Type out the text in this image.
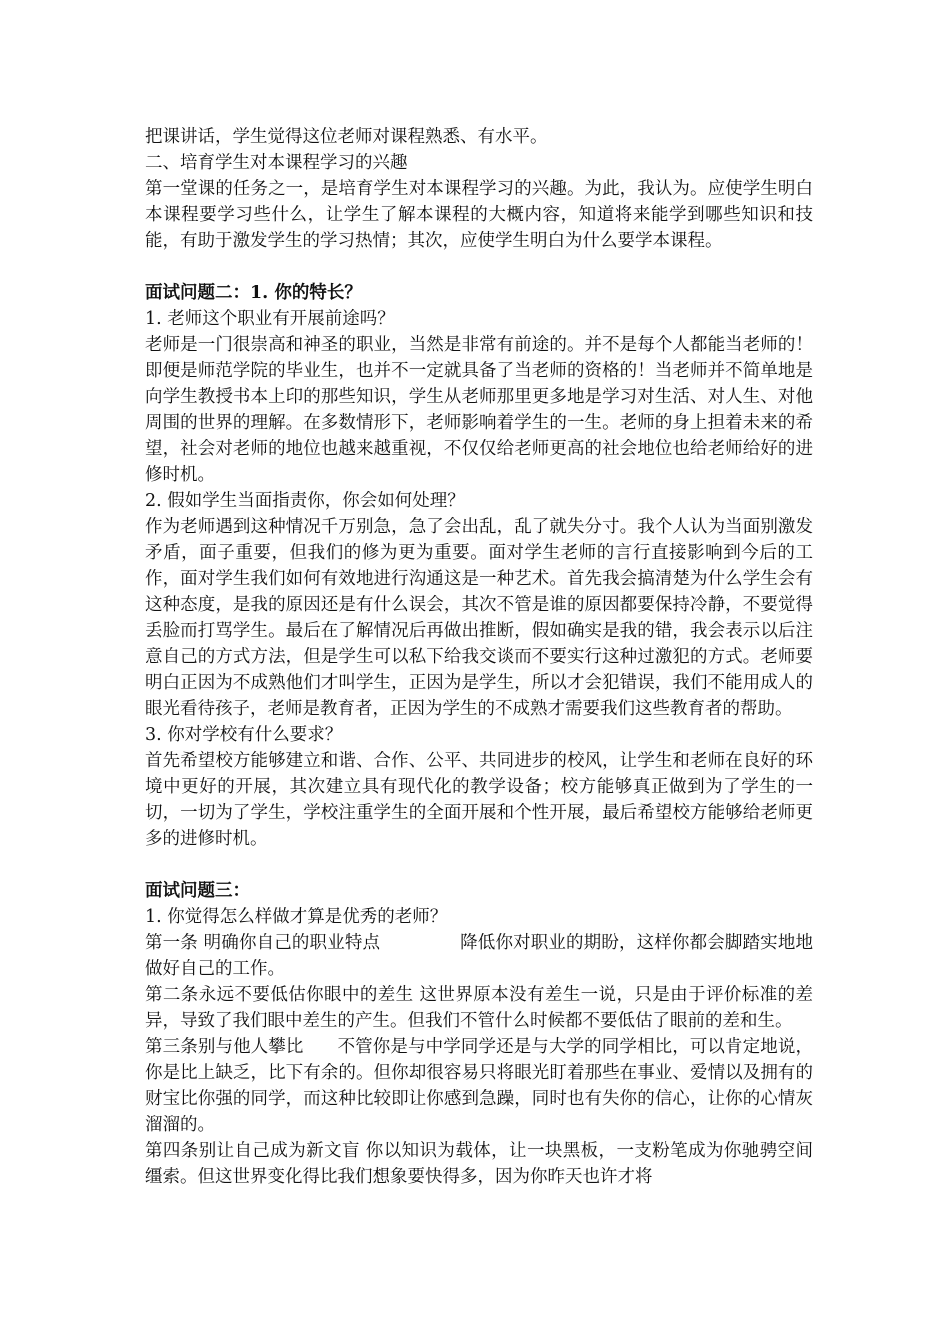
把课讲话，学生觉得这位老师对课程熟悉、有水平。

二、培育学生对本课程学习的兴趣

第一堂课的任务之一，是培育学生对本课程学习的兴趣。为此，我认为。应使学生明白本课程要学习些什么，让学生了解本课程的大概内容，知道将来能学到哪些知识和技能，有助于激发学生的学习热情；其次，应使学生明白为什么要学本课程。

面试问题二：1. 你的特长？

1. 老师这个职业有开展前途吗？

老师是一门很崇高和神圣的职业，当然是非常有前途的。并不是每个人都能当老师的！即便是师范学院的毕业生，也并不一定就具备了当老师的资格的！当老师并不简单地是向学生教授书本上印的那些知识，学生从老师那里更多地是学习对生活、对人生、对他周围的世界的理解。在多数情形下，老师影响着学生的一生。老师的身上担着未来的希望，社会对老师的地位也越来越重视，不仅仅给老师更高的社会地位也给老师给好的进修时机。

2. 假如学生当面指责你，你会如何处理？

作为老师遇到这种情况千万别急，急了会出乱，乱了就失分寸。我个人认为当面别激发矛盾，面子重要，但我们的修为更为重要。面对学生老师的言行直接影响到今后的工作，面对学生我们如何有效地进行沟通这是一种艺术。首先我会搞清楚为什么学生会有这种态度，是我的原因还是有什么误会，其次不管是谁的原因都要保持冷静，不要觉得丢脸而打骂学生。最后在了解情况后再做出推断，假如确实是我的错，我会表示以后注意自己的方式方法，但是学生可以私下给我交谈而不要实行这种过激犯的方式。老师要明白正因为不成熟他们才叫学生，正因为是学生，所以才会犯错误，我们不能用成人的眼光看待孩子，老师是教育者，正因为学生的不成熟才需要我们这些教育者的帮助。

3. 你对学校有什么要求？

首先希望校方能够建立和谐、合作、公平、共同进步的校风，让学生和老师在良好的环境中更好的开展，其次建立具有现代化的教学设备；校方能够真正做到为了学生的一切，一切为了学生，学校注重学生的全面开展和个性开展，最后希望校方能够给老师更多的进修时机。

面试问题三：

1. 你觉得怎么样做才算是优秀的老师？

第一条 明确你自己的职业特点              降低你对职业的期盼，这样你都会脚踏实地地做好自己的工作。

第二条永远不要低估你眼中的差生 这世界原本没有差生一说，只是由于评价标准的差异，导致了我们眼中差生的产生。但我们不管什么时候都不要低估了眼前的差和生。

第三条别与他人攀比      不管你是与中学同学还是与大学的同学相比，可以肯定地说，你是比上缺乏，比下有余的。但你却很容易只将眼光盯着那些在事业、爱情以及拥有的财宝比你强的同学，而这种比较即让你感到急躁，同时也有失你的信心，让你的心情灰溜溜的。

第四条别让自己成为新文盲 你以知识为载体，让一块黑板，一支粉笔成为你驰骋空间缰索。但这世界变化得比我们想象要快得多，因为你昨天也许才将
